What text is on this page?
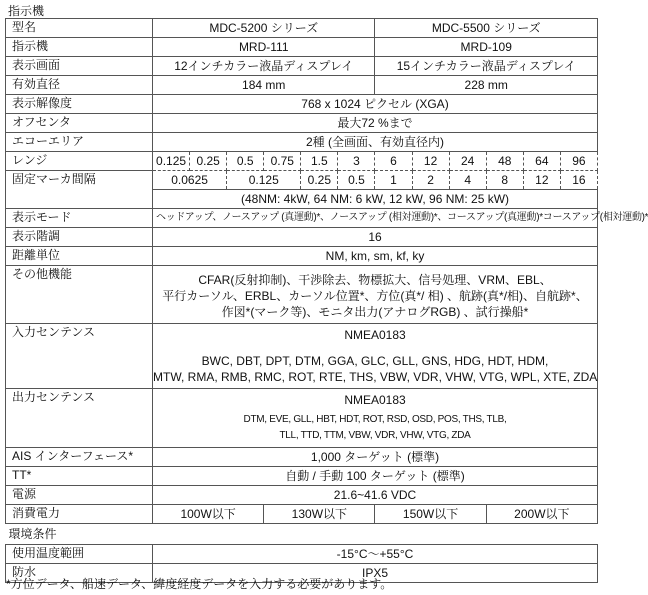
指示機
型名	MDC-5200 シリーズ						MDC-5500 シリーズ					
指示機	MRD-111						MRD-109					
表示画面	12インチカラー液晶ディスプレイ						15インチカラー液晶ディスプレイ					
有効直径	184 mm						228 mm					
表示解像度	768 x 1024 ピクセル (XGA)											
オフセンタ	最大72 %まで											
エコーエリア	2種 (全画面、有効直径内)											
レンジ	0.125	0.25	0.5	0.75	1.5	3	6	12	24	48	64	96
固定マーカ間隔	0.0625		0.125		0.25	0.5	1	2	4	8	12	16
	(48NM: 4kW, 64 NM: 6 kW, 12 kW, 96 NM: 25 kW)											
表示モード	ヘッドアップ、ノースアップ (真運動)*、ノースアップ (相対運動)*、コースアップ(真運動)*コースアップ(相対運動)*											
表示階調	16											
距離単位	NM, km, sm, kf, ky											
その他機能	CFAR(反射抑制)、干渉除去、物標拡大、信号処理、VRM、EBL、
平行カーソル、ERBL、カーソル位置*、方位(真*/ 相) 、航跡(真*/相)、自航跡*、
作図*(マーク等)、モニタ出力(アナログRGB) 、試行操船*											

入力センテンス	NMEA0183
BWC, DBT, DPT, DTM, GGA, GLC, GLL, GNS, HDG, HDT, HDM,
MTW, RMA, RMB, RMC, ROT, RTE, THS, VBW, VDR, VHW, VTG, WPL, XTE, ZDA											

出力センテンス	NMEA0183
DTM, EVE, GLL, HBT, HDT, ROT, RSD, OSD, POS, THS, TLB,
TLL, TTD, TTM, VBW, VDR, VHW, VTG, ZDA											

AIS インターフェース*	1,000 ターゲット (標準)											
TT*	自動 / 手動 100 ターゲット (標準)											
電源	21.6~41.6 VDC											
消費電力	100W以下			130W以下			150W以下			200W以下		
環境条件												
使用温度範囲	-15°C～+55°C											
防水	IPX5											
*方位データ、船速データ、緯度経度データを入力する必要があります。
